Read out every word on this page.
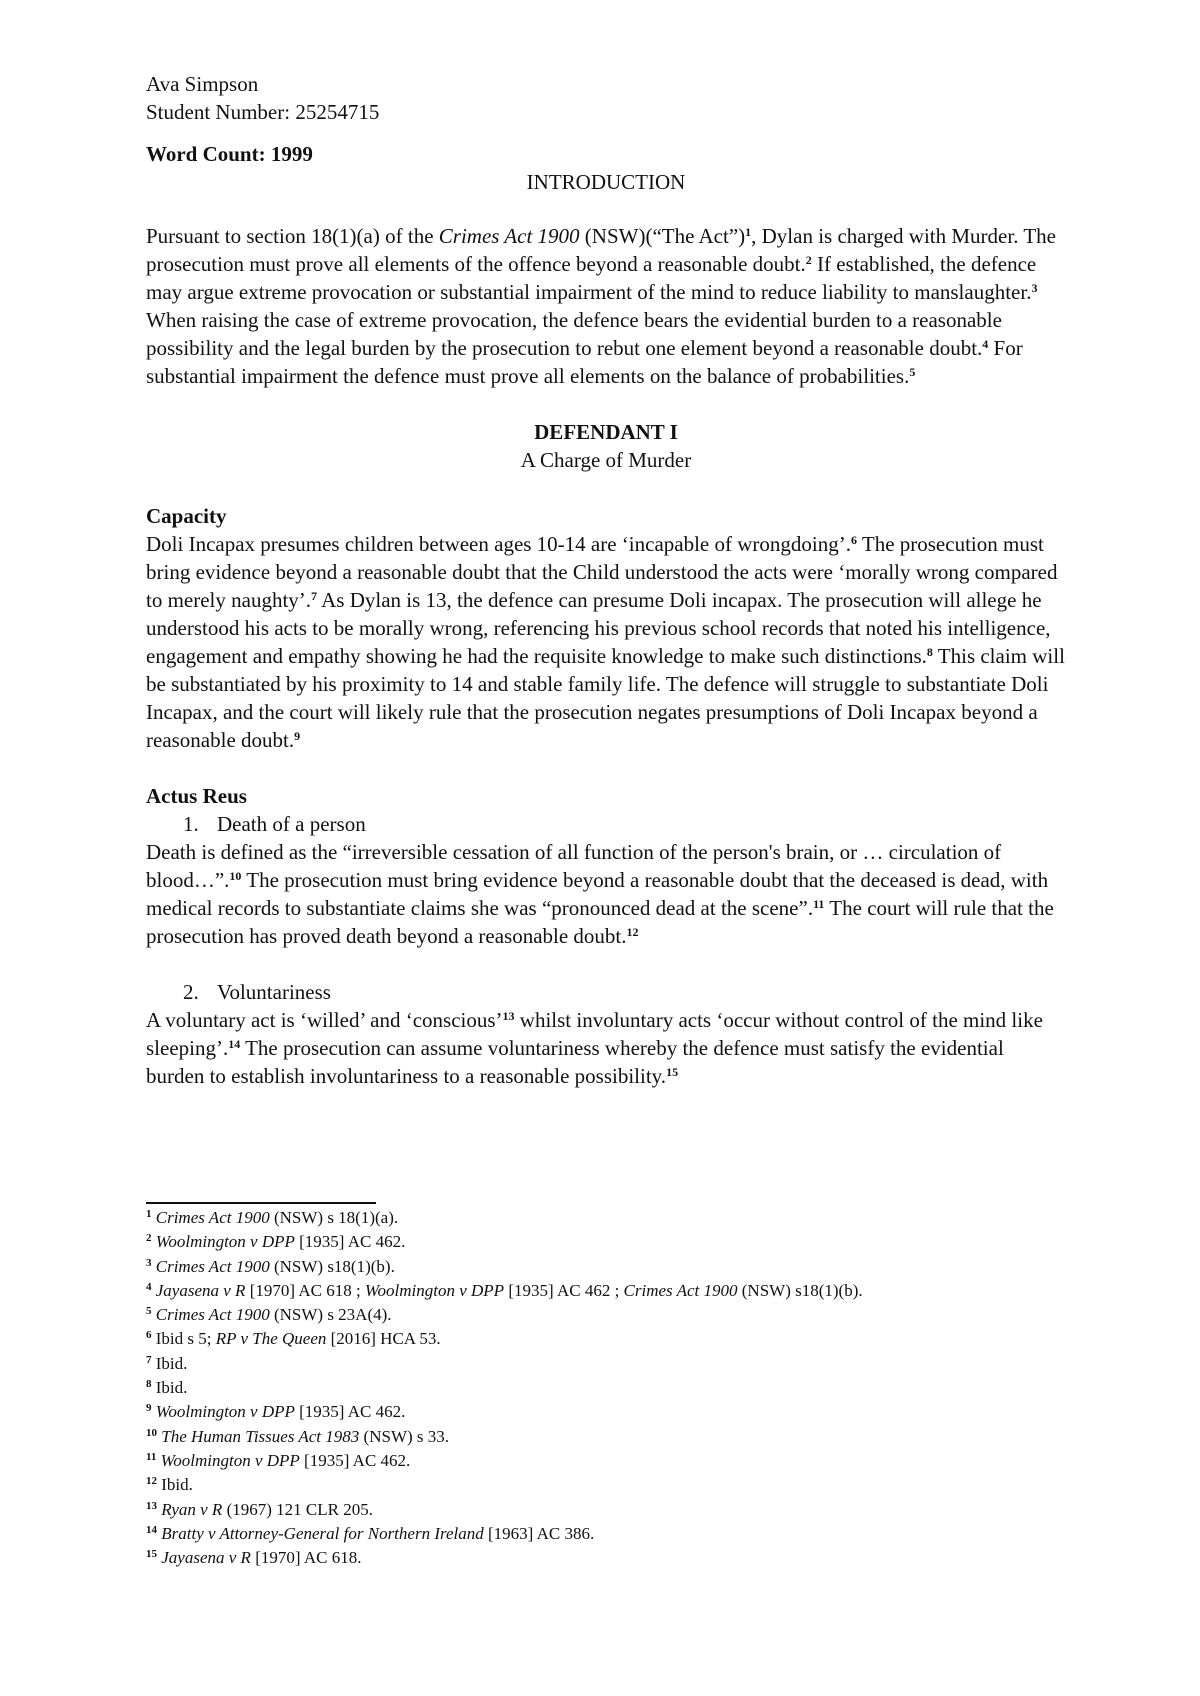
Ava Simpson

Student Number: 25254715

Word Count: 1999

INTRODUCTION

Pursuant to section 18(1)(a) of the Crimes Act 1900 (NSW)(“The Act”)$^1$, Dylan is charged with Murder. The prosecution must prove all elements of the offence beyond a reasonable doubt.$^2$ If established, the defence may argue extreme provocation or substantial impairment of the mind to reduce liability to manslaughter.$^3$ When raising the case of extreme provocation, the defence bears the evidential burden to a reasonable possibility and the legal burden by the prosecution to rebut one element beyond a reasonable doubt.$^4$ For substantial impairment the defence must prove all elements on the balance of probabilities.$^5$

DEFENDANT I

A Charge of Murder

Capacity

Doli Incapax presumes children between ages 10-14 are ‘incapable of wrongdoing’.$^6$ The prosecution must bring evidence beyond a reasonable doubt that the Child understood the acts were ‘morally wrong compared to merely naughty’.$^7$ As Dylan is 13, the defence can presume Doli incapax. The prosecution will allege he understood his acts to be morally wrong, referencing his previous school records that noted his intelligence, engagement and empathy showing he had the requisite knowledge to make such distinctions.$^8$ This claim will be substantiated by his proximity to 14 and stable family life. The defence will struggle to substantiate Doli Incapax, and the court will likely rule that the prosecution negates presumptions of Doli Incapax beyond a reasonable doubt.$^9$

Actus Reus

1. Death of a person

Death is defined as the “irreversible cessation of all function of the person's brain, or … circulation of blood…”.$^{10}$ The prosecution must bring evidence beyond a reasonable doubt that the deceased is dead, with medical records to substantiate claims she was “pronounced dead at the scene”.$^{11}$ The court will rule that the prosecution has proved death beyond a reasonable doubt.$^{12}$

2. Voluntariness

A voluntary act is ‘willed’ and ‘conscious’$^{13}$ whilst involuntary acts ‘occur without control of the mind like sleeping’.$^{14}$ The prosecution can assume voluntariness whereby the defence must satisfy the evidential burden to establish involuntariness to a reasonable possibility.$^{15}$

$^1$ Crimes Act 1900 (NSW) s 18(1)(a).

$^2$ Woolmington v DPP [1935] AC 462.

$^3$ Crimes Act 1900 (NSW) s18(1)(b).

$^4$ Jayasena v R [1970] AC 618 ; Woolmington v DPP [1935] AC 462 ; Crimes Act 1900 (NSW) s18(1)(b).

$^5$ Crimes Act 1900 (NSW) s 23A(4).

$^6$ Ibid s 5; RP v The Queen [2016] HCA 53.

$^7$ Ibid.

$^8$ Ibid.

$^9$ Woolmington v DPP [1935] AC 462.

$^{10}$ The Human Tissues Act 1983 (NSW) s 33.

$^{11}$ Woolmington v DPP [1935] AC 462.

$^{12}$ Ibid.

$^{13}$ Ryan v R (1967) 121 CLR 205.

$^{14}$ Bratty v Attorney-General for Northern Ireland [1963] AC 386.

$^{15}$ Jayasena v R [1970] AC 618.
